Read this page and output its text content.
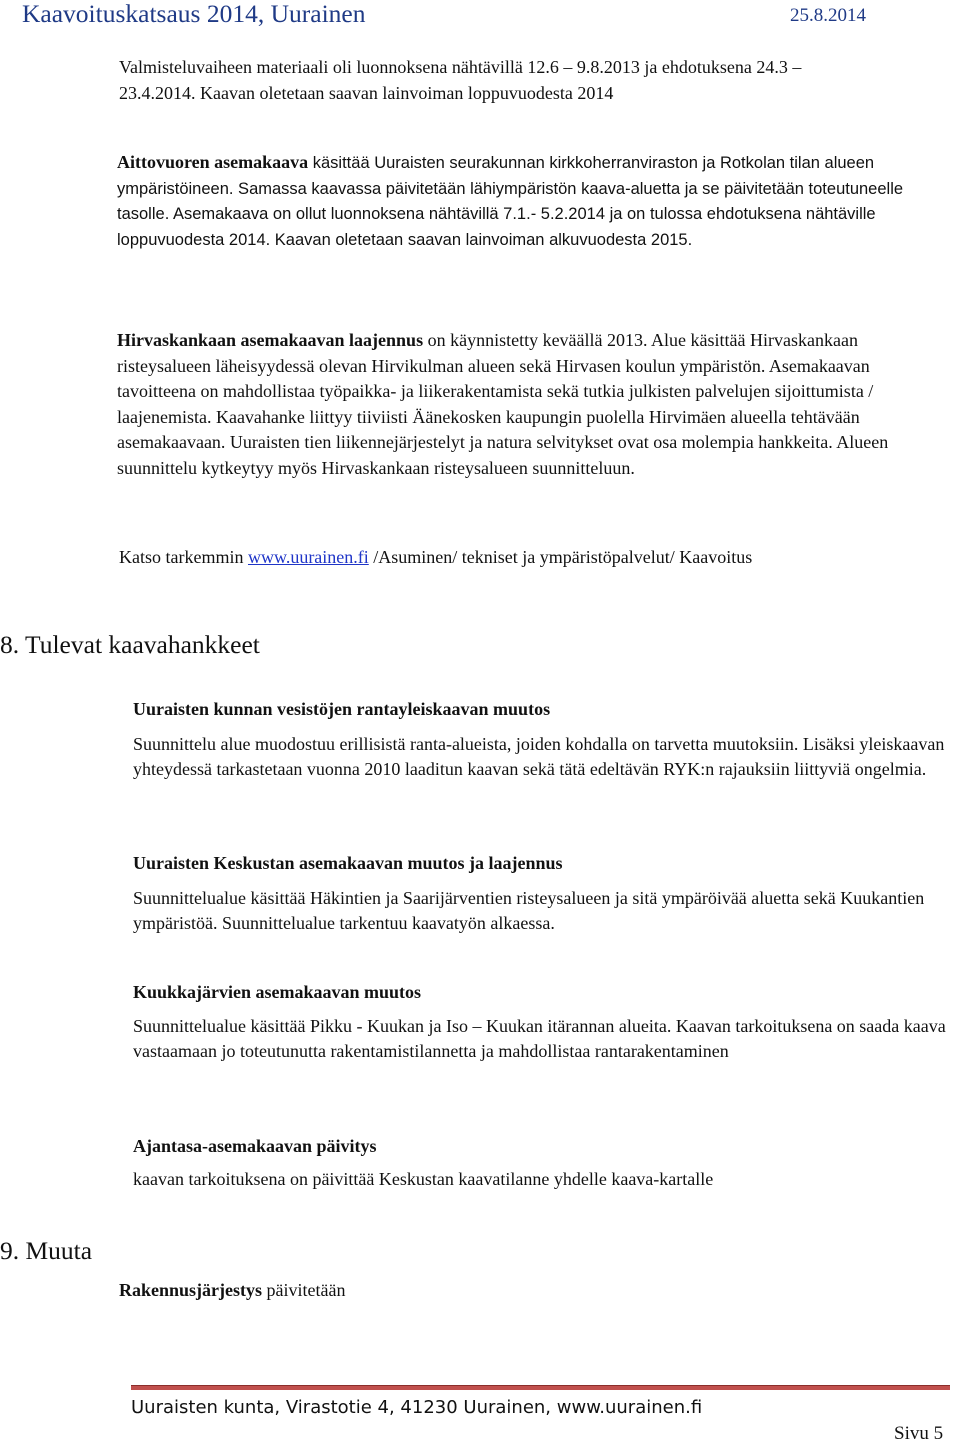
Kaavoituskatsaus 2014, Uurainen	25.8.2014
Valmisteluvaiheen materiaali oli luonnoksena nähtävillä 12.6 – 9.8.2013 ja ehdotuksena 24.3 –
23.4.2014. Kaavan oletetaan saavan lainvoiman loppuvuodesta 2014

Aittovuoren asemakaava käsittää Uuraisten seurakunnan kirkkoherranviraston ja Rotkolan tilan alueen ympäristöineen. Samassa kaavassa päivitetään lähiympäristön kaava-aluetta ja se päivitetään toteutuneelle tasolle. Asemakaava on ollut luonnoksena nähtävillä 7.1.- 5.2.2014 ja on tulossa ehdotuksena nähtäville loppuvuodesta 2014. Kaavan oletetaan saavan lainvoiman alkuvuodesta 2015.

Hirvaskankaan asemakaavan laajennus on käynnistetty keväällä 2013. Alue käsittää Hirvaskankaan risteysalueen läheisyydessä olevan Hirvikulman alueen sekä Hirvasen koulun ympäristön. Asemakaavan tavoitteena on mahdollistaa työpaikka- ja liikerakentamista sekä tutkia julkisten palvelujen sijoittumista / laajenemista. Kaavahanke liittyy tiiviisti Äänekosken kaupungin puolella Hirvimäen alueella tehtävään asemakaavaan. Uuraisten tien liikennejärjestelyt ja natura selvitykset ovat osa molempia hankkeita. Alueen suunnittelu kytkeytyy myös Hirvaskankaan risteysalueen suunnitteluun.

Katso tarkemmin www.uurainen.fi /Asuminen/ tekniset ja ympäristöpalvelut/ Kaavoitus
8. Tulevat kaavahankkeet
Uuraisten kunnan vesistöjen rantayleiskaavan muutos

Suunnittelu alue muodostuu erillisistä ranta-alueista, joiden kohdalla on tarvetta muutoksiin. Lisäksi yleiskaavan yhteydessä tarkastetaan vuonna 2010 laaditun kaavan sekä tätä edeltävän RYK:n rajauksiin liittyviä ongelmia.

Uuraisten Keskustan asemakaavan muutos ja laajennus

Suunnittelualue käsittää Häkintien ja Saarijärventien risteysalueen ja sitä ympäröivää aluetta sekä Kuukantien ympäristöä. Suunnittelualue tarkentuu kaavatyön alkaessa.

Kuukkajärvien asemakaavan muutos

Suunnittelualue käsittää Pikku - Kuukan ja Iso – Kuukan itärannan alueita. Kaavan tarkoituksena on saada kaava vastaamaan jo toteutunutta rakentamistilannetta ja mahdollistaa rantarakentaminen

Ajantasa-asemakaavan päivitys

kaavan tarkoituksena on päivittää Keskustan kaavatilanne yhdelle kaava-kartalle

9. Muuta
Rakennusjärjestys päivitetään
Uuraisten kunta, Virastotie 4, 41230 Uurainen, www.uurainen.fi
Sivu 5
